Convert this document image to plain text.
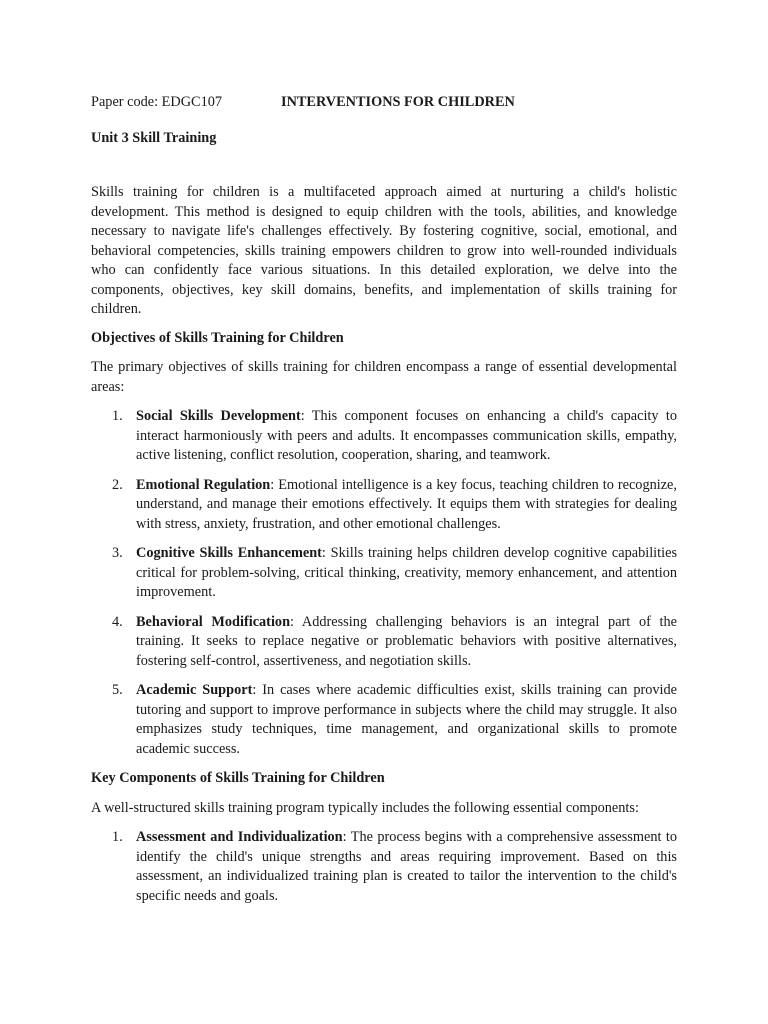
Paper code: EDGC107	INTERVENTIONS FOR CHILDREN
Unit 3 Skill Training

Skills training for children is a multifaceted approach aimed at nurturing a child's holistic development. This method is designed to equip children with the tools, abilities, and knowledge necessary to navigate life's challenges effectively. By fostering cognitive, social, emotional, and behavioral competencies, skills training empowers children to grow into well-rounded individuals who can confidently face various situations. In this detailed exploration, we delve into the components, objectives, key skill domains, benefits, and implementation of skills training for children.

Objectives of Skills Training for Children

The primary objectives of skills training for children encompass a range of essential developmental areas:

1. Social Skills Development: This component focuses on enhancing a child's capacity to interact harmoniously with peers and adults. It encompasses communication skills, empathy, active listening, conflict resolution, cooperation, sharing, and teamwork.
2. Emotional Regulation: Emotional intelligence is a key focus, teaching children to recognize, understand, and manage their emotions effectively. It equips them with strategies for dealing with stress, anxiety, frustration, and other emotional challenges.
3. Cognitive Skills Enhancement: Skills training helps children develop cognitive capabilities critical for problem-solving, critical thinking, creativity, memory enhancement, and attention improvement.
4. Behavioral Modification: Addressing challenging behaviors is an integral part of the training. It seeks to replace negative or problematic behaviors with positive alternatives, fostering self-control, assertiveness, and negotiation skills.
5. Academic Support: In cases where academic difficulties exist, skills training can provide tutoring and support to improve performance in subjects where the child may struggle. It also emphasizes study techniques, time management, and organizational skills to promote academic success.
Key Components of Skills Training for Children

A well-structured skills training program typically includes the following essential components:

1. Assessment and Individualization: The process begins with a comprehensive assessment to identify the child's unique strengths and areas requiring improvement. Based on this assessment, an individualized training plan is created to tailor the intervention to the child's specific needs and goals.
